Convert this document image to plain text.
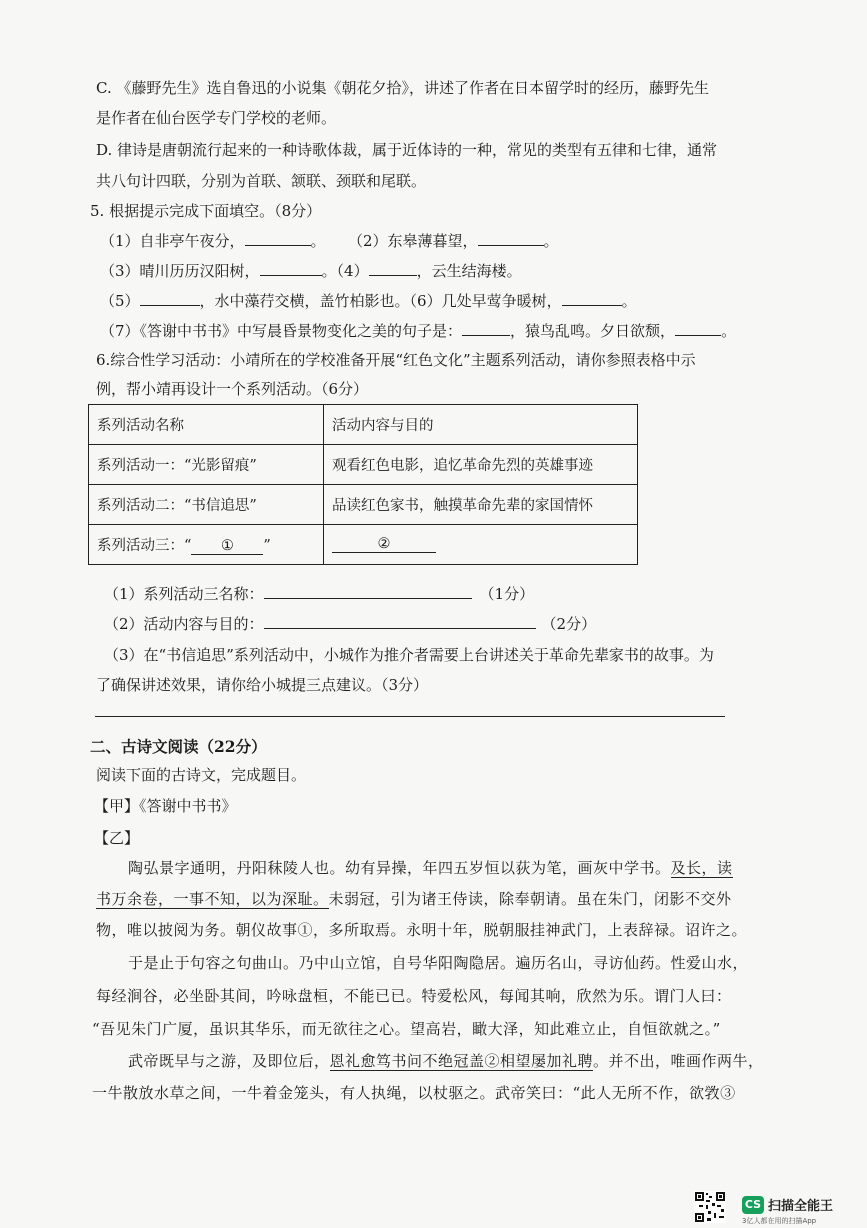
C. 《藤野先生》选自鲁迅的小说集《朝花夕拾》，讲述了作者在日本留学时的经历，藤野先生
是作者在仙台医学专门学校的老师。
D. 律诗是唐朝流行起来的一种诗歌体裁，属于近体诗的一种，常见的类型有五律和七律，通常
共八句计四联，分别为首联、颔联、颈联和尾联。
5. 根据提示完成下面填空。（8分）
（1）自非亭午夜分，	。 （2）东皋薄暮望，	。
（3）晴川历历汉阳树，	。（4）	，云生结海楼。
（5）	，水中藻荇交横，盖竹柏影也。（6）几处早莺争暖树，	。
（7）《答谢中书书》中写晨昏景物变化之美的句子是：	，猿鸟乱鸣。夕日欲颓，	。
6.综合性学习活动：小靖所在的学校准备开展“红色文化”主题系列活动，请你参照表格中示
例，帮小靖再设计一个系列活动。（6分）
系列活动名称	活动内容与目的
系列活动一：“光影留痕”	观看红色电影，追忆革命先烈的英雄事迹
系列活动二：“书信追思”	品读红色家书，触摸革命先辈的家国情怀
系列活动三：“ ① ”	②
（1）系列活动三名称：	（1分）
（2）活动内容与目的：	（2分）
（3）在“书信追思”系列活动中，小城作为推介者需要上台讲述关于革命先辈家书的故事。为
了确保讲述效果，请你给小城提三点建议。（3分）
二、古诗文阅读（22分）
阅读下面的古诗文，完成题目。
【甲】《答谢中书书》
【乙】
陶弘景字通明，丹阳秣陵人也。幼有异操，年四五岁恒以荻为笔，画灰中学书。及长，读
书万余卷，一事不知，以为深耻。未弱冠，引为诸王侍读，除奉朝请。虽在朱门，闭影不交外
物，唯以披阅为务。朝仪故事①，多所取焉。永明十年，脱朝服挂神武门，上表辞禄。诏许之。
于是止于句容之句曲山。乃中山立馆，自号华阳陶隐居。遍历名山，寻访仙药。性爱山水，
每经涧谷，必坐卧其间，吟咏盘桓，不能已已。特爱松风，每闻其响，欣然为乐。谓门人曰：
“吾见朱门广厦，虽识其华乐，而无欲往之心。望高岩，瞰大泽，知此难立止，自恒欲就之。”
武帝既早与之游，及即位后，恩礼愈笃书问不绝冠盖②相望屡加礼聘。并不出，唯画作两牛，
一牛散放水草之间，一牛着金笼头，有人执绳，以杖驱之。武帝笑曰：“此人无所不作，欲敩③
CS 扫描全能王
3亿人都在用的扫描App
